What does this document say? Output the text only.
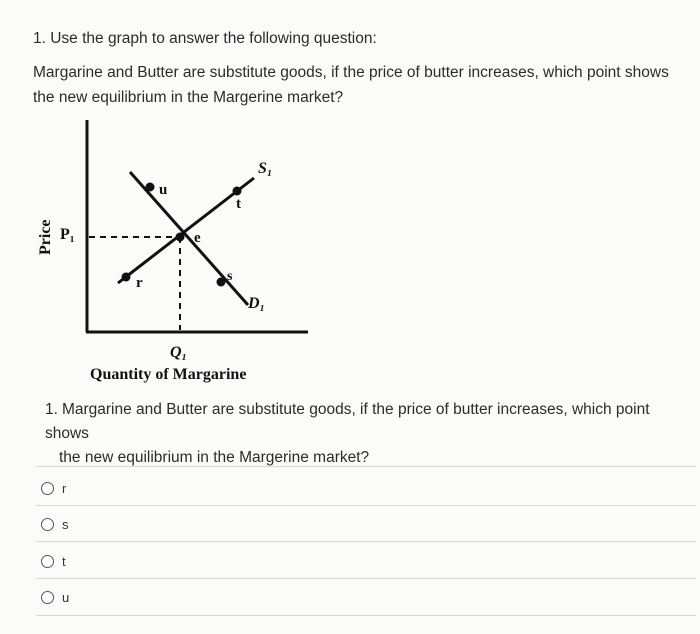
1. Use the graph to answer the following question:

Margarine and Butter are substitute goods, if the price of butter increases, which point shows the new equilibrium in the Margerine market?

Price
Quantity of Margarine
P₁
Q₁
S₁
D₁
u
t
e
r	s

1. Margarine and Butter are substitute goods, if the price of butter increases, which point shows
the new equilibrium in the Margerine market?

r
s
t
u
